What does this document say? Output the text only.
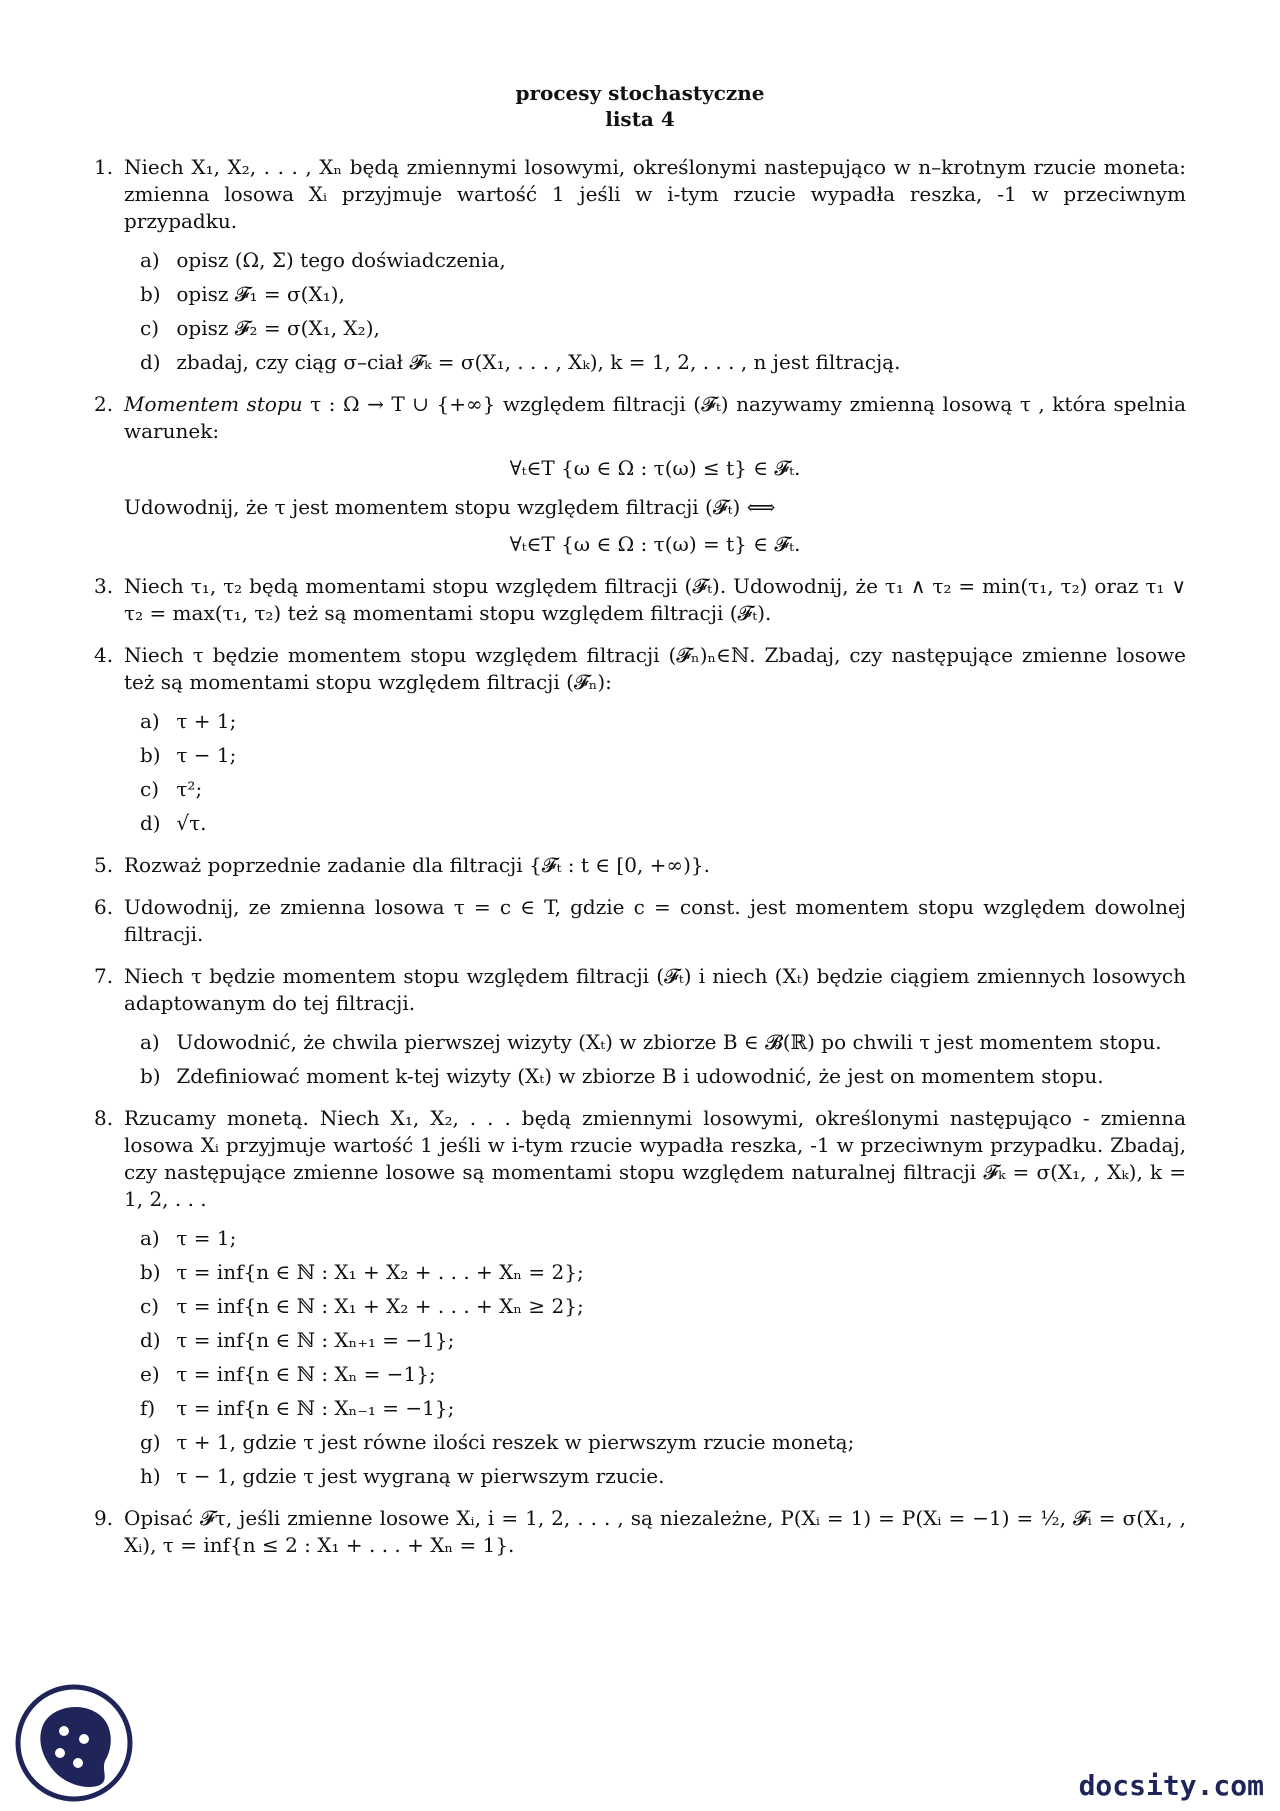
procesy stochastyczne
lista 4
1. Niech X₁, X₂, . . . , Xₙ będą zmiennymi losowymi, określonymi nastepująco w n–krotnym rzucie moneta: zmienna losowa Xᵢ przyjmuje wartość 1 jeśli w i-tym rzucie wypadła reszka, -1 w przeciwnym przypadku.
a) opisz (Ω, Σ) tego doświadczenia,
b) opisz 𝓕₁ = σ(X₁),
c) opisz 𝓕₂ = σ(X₁, X₂),
d) zbadaj, czy ciąg σ–ciał 𝓕ₖ = σ(X₁, . . . , Xₖ), k = 1, 2, . . . , n jest filtracją.
2. Momentem stopu τ : Ω → T ∪ {+∞} względem filtracji (𝓕ₜ) nazywamy zmienną losową τ , która spelnia warunek:
∀ₜ∈T {ω ∈ Ω : τ(ω) ≤ t} ∈ 𝓕ₜ.
Udowodnij, że τ jest momentem stopu względem filtracji (𝓕ₜ) ⟺
∀ₜ∈T {ω ∈ Ω : τ(ω) = t} ∈ 𝓕ₜ.
3. Niech τ₁, τ₂ będą momentami stopu względem filtracji (𝓕ₜ). Udowodnij, że τ₁ ∧ τ₂ = min(τ₁, τ₂) oraz τ₁ ∨ τ₂ = max(τ₁, τ₂) też są momentami stopu względem filtracji (𝓕ₜ).
4. Niech τ będzie momentem stopu względem filtracji (𝓕ₙ)ₙ∈ℕ. Zbadaj, czy następujące zmienne losowe też są momentami stopu względem filtracji (𝓕ₙ):
a) τ + 1;
b) τ − 1;
c) τ²;
d) √τ.
5. Rozważ poprzednie zadanie dla filtracji {𝓕ₜ : t ∈ [0, +∞)}.
6. Udowodnij, ze zmienna losowa τ = c ∈ T, gdzie c = const. jest momentem stopu względem dowolnej filtracji.
7. Niech τ będzie momentem stopu względem filtracji (𝓕ₜ) i niech (Xₜ) będzie ciągiem zmiennych losowych adaptowanym do tej filtracji.
a) Udowodnić, że chwila pierwszej wizyty (Xₜ) w zbiorze B ∈ 𝓑(ℝ) po chwili τ jest momentem stopu.
b) Zdefiniować moment k-tej wizyty (Xₜ) w zbiorze B i udowodnić, że jest on momentem stopu.
8. Rzucamy monetą. Niech X₁, X₂, . . . będą zmiennymi losowymi, określonymi następująco - zmienna losowa Xᵢ przyjmuje wartość 1 jeśli w i-tym rzucie wypadła reszka, -1 w przeciwnym przypadku. Zbadaj, czy następujące zmienne losowe są momentami stopu względem naturalnej filtracji 𝓕ₖ = σ(X₁, , Xₖ), k = 1, 2, . . .
a) τ = 1;
b) τ = inf{n ∈ ℕ : X₁ + X₂ + . . . + Xₙ = 2};
c) τ = inf{n ∈ ℕ : X₁ + X₂ + . . . + Xₙ ≥ 2};
d) τ = inf{n ∈ ℕ : Xₙ₊₁ = −1};
e) τ = inf{n ∈ ℕ : Xₙ = −1};
f) τ = inf{n ∈ ℕ : Xₙ₋₁ = −1};
g) τ + 1, gdzie τ jest równe ilości reszek w pierwszym rzucie monetą;
h) τ − 1, gdzie τ jest wygraną w pierwszym rzucie.
9. Opisać 𝓕τ, jeśli zmienne losowe Xᵢ, i = 1, 2, . . . , są niezależne, P(Xᵢ = 1) = P(Xᵢ = −1) = ½, 𝓕ᵢ = σ(X₁, , Xᵢ), τ = inf{n ≤ 2 : X₁ + . . . + Xₙ = 1}.
docsity.com
